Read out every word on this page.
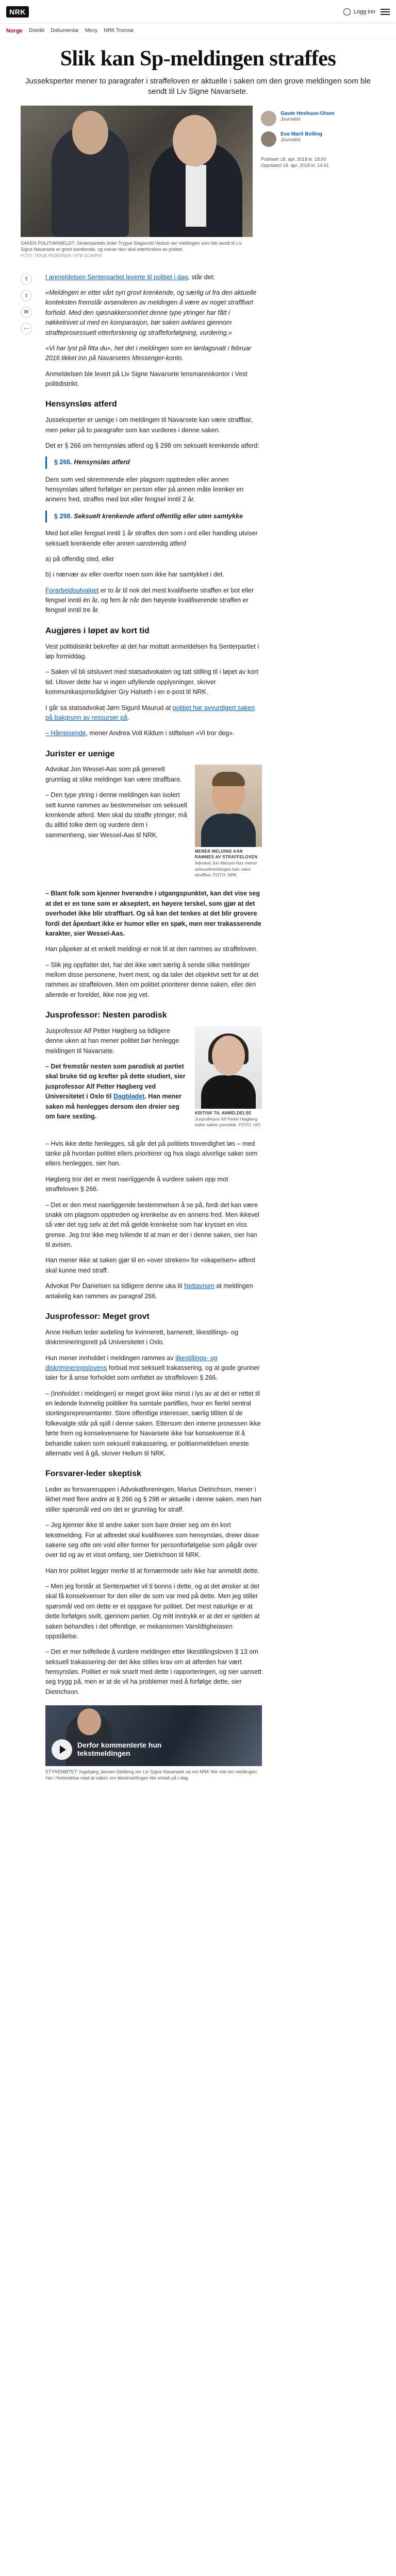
NRK	Logg inn
Norge Distrikt Dokumentar Meny NRK Tromsø
Slik kan Sp-meldingen straffes

Jusseksperter mener to paragrafer i straffeloven er aktuelle i saken om den grove meldingen som ble sendt til Liv Signe Navarsete.

SAKEN POLITIANMELDT: Senterpartiets leder Trygve Slagsvold Vedum ser meldingen som ble sendt til Liv Signe Navarsete er grovt krenkende, og mener den skal etterforskes av politiet.
FOTO: TERJE PEDERSEN / NTB SCANPIX

Gaute Heshuus-Olsen
Journalist
Eva Marit Bolling
Journalist
Publisert 18. apr. 2018 kl. 18:00
Oppdatert 18. apr. 2018 kl. 14:41
f
t
✉
⋯

I anmeldelsen Senterpartiet leverte til politiet i dag, står det:

«Meldingen er etter vårt syn grovt krenkende, og særlig ut fra den aktuelle konteksten fremstår avsenderen av meldingen å være av noget straffbart forhold. Med den sjøsnakkersomhet denne type ytringer har fått i nøkkelnivet ut med en komparasjon, bør saken avklares gjennom straffeprosessuelt etterforskning og straffeforfølgning, vurdering.»

«Vi har lyst på fitta du», het det i meldingen som en lørdagsnatt i februar 2016 tikket inn på Navarsetes Messenger-konto.

Anmeldelsen ble levert på Liv Signe Navarsete lensmannskontor i Vest politidistrikt.

Hensynsløs atferd

Jusseksperter er uenige i om meldingen til Navarsete kan være straffbar, men peker på to paragrafer som kan vurderes i denne saken.

Det er § 266 om hensynsløs atferd og § 298 om seksuelt krenkende atferd:

§ 266. Hensynsløs atferd

Dem som ved skremmende eller plagsom opptreden eller annen hensynsløs atferd forfølger en person eller på annen måte krenker en annens fred, straffes med bot eller fengsel inntil 2 år.

§ 298. Seksuelt krenkende atferd offentlig eller uten samtykke

Med bot eller fengsel inntil 1 år straffes den som i ord eller handling utviser seksuelt krenkende eller annen uanstendig atferd

a) på offentlig sted, eller

b) i nærvær av eller overfor noen som ikke har samtykket i det.

Forarbeidsutvalget er to år til nok det mest kvalifiserte straffen er bot eller fengsel inntil én år, og fem år når den høyeste kvalifiserende straffen er fengsel inntil tre år.

Augjøres i løpet av kort tid

Vest politidistrikt bekrefter at det har mottatt anmeldelsen fra Senterpartiet i løp formiddag.

– Saken vil bli sitsluvert med statsadvokaten og tatt stilling til i løpet av kort tid. Utover dette har vi ingen utfyllende opplysninger, skriver kommunikasjonsrådgiver Gry Halseth i en e-post til NRK.

I går sa statsadvokat Jørn Sigurd Maurud at politiet har avvurdigert saken på bakgrunn av ressurser på.

– Hårreisende, mener Andrea Voll Kildum i stiftelsen «Vi tror deg».

Jurister er uenige

MENER MELDING KAN RAMMES AV STRAFFELOVEN
Advokat Jon Wessel-Aas mener seksuelkrenkingen kan være straffbar. FOTO: NRK

Advokat Jon Wessel-Aas som på generelt grunnlag at slike meldinger kan være straffbare.

– Den type ytring i denne meldingen kan isolert sett kunne rammes av bestemmelser om seksuelt krenkende atferd. Men skal du straffe ytringer, må du alltid tolke dem og vurdere dem i sammenheng, sier Wessel-Aas til NRK.

– Blant folk som kjenner hverandre i utgangspunktet, kan det vise seg at det er en tone som er akseptert, en høyere terskel, som gjør at det overhodet ikke blir straffbart. Og så kan det tenkes at det blir grovere fordi det åpenbart ikke er humor eller en spøk, men mer trakasserende karakter, sier Wessel-Aas.

Han påpeker at et enkelt meldingi er nok til at den rammes av straffeloven.

– Slik jeg oppfatter det, har det ikke vært særlig å sende slike meldinger mellom disse personene, hvert mest, og da taler det objektivt sett for at det rammes av straffeloven. Men om politiet prioriterer denne saken, eller den allerede er foreldet, ikke noe jeg vet.

Jusprofessor: Nesten parodisk

KRITISK TIL ANMELDELSE
Jusprofessor Alf Petter Høgberg kaller saken parodisk. FOTO: UiO

Jusprofessor Alf Petter Høgberg sa tidligere denne uken at han mener politiet bør henlegge meldingen til Navarsete.

– Det fremstår nesten som parodisk at partiet skal bruke tid og krefter på dette studiert, sier jusprofessor Alf Petter Høgberg ved Universitetet i Oslo til Dagbladet. Han mener saken må henlegges dersom den dreier seg om bare sexting.

– Hvis ikke dette henlegges, så går det på politiets troverdighet løs – med tanke på hvordan politiet ellers prioriterer og hva slags alvorlige saker som ellers henlegges, sier han.

Høgberg tror det er mest naerliggende å vurdere saken opp mot straffeloven § 266.

– Det er den mest naerliggende bestemmelsen å se på, fordi det kan være snakk om plagsom opptreden og krenkelse av en annens fred. Men ikkevel så vær det syg selv at det må gjelde krenkelse som har krysset en viss grense. Jeg tror ikke meg tvilende til at man er der i denne saken, sier han til avisen.

Han mener ikke at saken gjør til en «over streken» for «skapelsen» atferd skal kunne med straff.

Advokat Per Danielsen sa tidligere denne uka til Nettavisen at meldingen antakelig kan rammes av paragraf 266.

Jusprofessor: Meget grovt

Anne Hellum leder avdeling for kvinnerett, barnerett, likestillings- og diskrimineringsrett på Universitetet i Oslo.

Hun mener innholdet i meldingen rammes av likestillings- og diskrimineringslovens forbud mot seksuell trakassering, og at gode grunner taler for å anse forholdet som omfattet av straffeloven § 266.

– (Innholdet i meldingen) er meget grovt ikke minst i lys av at det er rettet til en ledende kvinnelig politiker fra samtale partiflles, hvor en fierlel sentral stortingsrepresentanter. Store offentlige interesser, særlig tilliten til de folkevalgte står på spill i denne saken. Ettersom den interne prosessen ikke førte frem og konsekvensene for Navarsete ikke har konsekvense til å behandle saken som seksuell trakassering, er politianmeldelsen eneste alternativ ved å gå, skriver Hellum til NRK.

Forsvarer-leder skeptisk

Leder av forsvareruppen i Advokatforeningen, Marius Dietrichson, mener i likhet med flere andre at § 266 og § 298 er aktuelle i denne saken, men han stiller spørsmål ved om det er grunnlag for straff.

– Jeg kjenner ikke til andre saker som bare dreier seg om én kort tekstmelding. For at alltredet skal kvalifiseres som hensynsløs, dreier disse sakene seg ofte om vold eller former for personforfølgelse som pågår over over tid og av et visst omfang, sier Dietrichson til NRK.

Han tror politiet legger merke til at fornærmede selv ikke har anmeldt dette.

– Men jeg forstår at Senterpartiet vil ti bonns i dette, og at det ønsker at det skal få konsekvenser for den eller de som var med på dette. Men jeg stiller spørsmål ved om dette er et oppgave for politiet. Det mest naturlige er at dette forfølges sivilt, gjennom partiet. Og mitt inntrykk er at det er sjelden at saken behandles i det offentlige, er mekanismen Varsldtigheiasen oppståelse.

– Det er mer tvilfellede å vurdere meldingen etter likestillingsloven § 13 om seksuell trakassering der det ikke stilles krav om at atferden har vært hensynsløs. Politiet er nok snarlt med dette i rapporteringen, og sier uansett seg trygg på, men er at de vil ha problemer med å forfølge dette, sier Dietrichson.

Derfor kommenterte hun tekstmeldingen

STYREMØTET: Ingebjørg Jensen-Stolberg om Liv Signe Navarsete sa om NRK fikk vite om meldingen. Her i forbindelse med at saken om tekstmeldingen ble omtalt på i dag.
